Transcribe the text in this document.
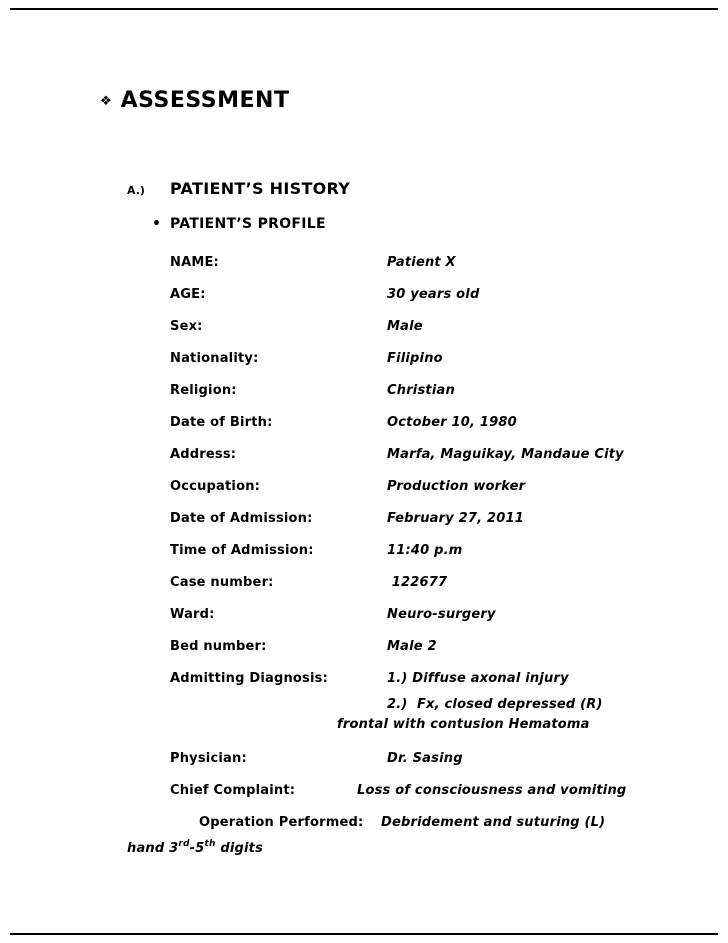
❖ ASSESSMENT
A.)	PATIENT’S HISTORY
• PATIENT’S PROFILE
NAME:	Patient X
AGE:	30 years old
Sex:	Male
Nationality:	Filipino
Religion:	Christian
Date of Birth:	October 10, 1980
Address:	Marfa, Maguikay, Mandaue City
Occupation:	Production worker
Date of Admission:	February 27, 2011
Time of Admission:	11:40 p.m
Case number:	122677
Ward:	Neuro-surgery
Bed number:	Male 2
Admitting Diagnosis:	1.) Diffuse axonal injury
2.)  Fx, closed depressed (R)
frontal with contusion Hematoma
Physician:	Dr. Sasing
Chief Complaint:	Loss of consciousness and vomiting
Operation Performed:	Debridement and suturing (L)
hand 3 rd -5 th digits
